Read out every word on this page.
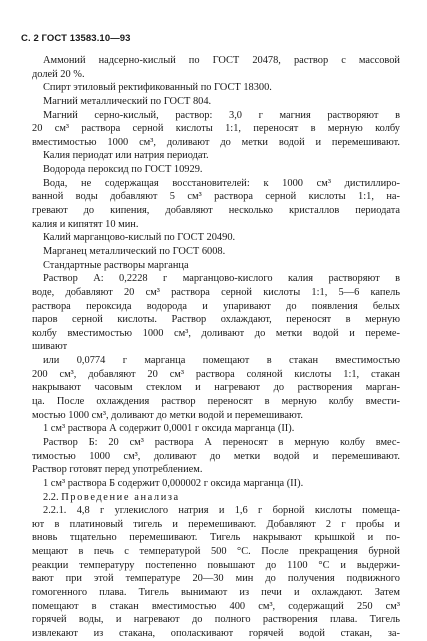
С. 2 ГОСТ 13583.10—93
Аммоний надсерно-кислый по ГОСТ 20478, раствор с массовой
долей 20 %.
Спирт этиловый ректификованный по ГОСТ 18300.
Магний металлический по ГОСТ 804.
Магний серно-кислый, раствор: 3,0 г магния растворяют в
20 см³ раствора серной кислоты 1:1, переносят в мерную колбу
вместимостью 1000 см³, доливают до метки водой и перемешивают.
Калия периодат или натрия периодат.
Водорода пероксид по ГОСТ 10929.
Вода, не содержащая восстановителей: к 1000 см³ дистиллиро-
ванной воды добавляют 5 см³ раствора серной кислоты 1:1, на-
гревают до кипения, добавляют несколько кристаллов периодата
калия и кипятят 10 мин.
Калий марганцово-кислый по ГОСТ 20490.
Марганец металлический по ГОСТ 6008.
Стандартные растворы марганца
Раствор А: 0,2228 г марганцово-кислого калия растворяют в
воде, добавляют 20 см³ раствора серной кислоты 1:1, 5—6 капель
раствора пероксида водорода и упаривают до появления белых
паров серной кислоты. Раствор охлаждают, переносят в мерную
колбу вместимостью 1000 см³, доливают до метки водой и переме-
шивают
или 0,0774 г марганца помещают в стакан вместимостью
200 см³, добавляют 20 см³ раствора соляной кислоты 1:1, стакан
накрывают часовым стеклом и нагревают до растворения марган-
ца. После охлаждения раствор переносят в мерную колбу вмести-
мостью 1000 см³, доливают до метки водой и перемешивают.
1 см³ раствора А содержит 0,0001 г оксида марганца (II).
Раствор Б: 20 см³ раствора А переносят в мерную колбу вмес-
тимостью 1000 см³, доливают до метки водой и перемешивают.
Раствор готовят перед употреблением.
1 см³ раствора Б содержит 0,000002 г оксида марганца (II).
2.2. Проведение анализа
2.2.1. 4,8 г углекислого натрия и 1,6 г борной кислоты помеща-
ют в платиновый тигель и перемешивают. Добавляют 2 г пробы и
вновь тщательно перемешивают. Тигель накрывают крышкой и по-
мещают в печь с температурой 500 °С. После прекращения бурной
реакции температуру постепенно повышают до 1100 °С и выдержи-
вают при этой температуре 20—30 мин до получения подвижного
гомогенного плава. Тигель вынимают из печи и охлаждают. Затем
помещают в стакан вместимостью 400 см³, содержащий 250 см³
горячей воды, и нагревают до полного растворения плава. Тигель
извлекают из стакана, ополаскивают горячей водой стакан, за-
